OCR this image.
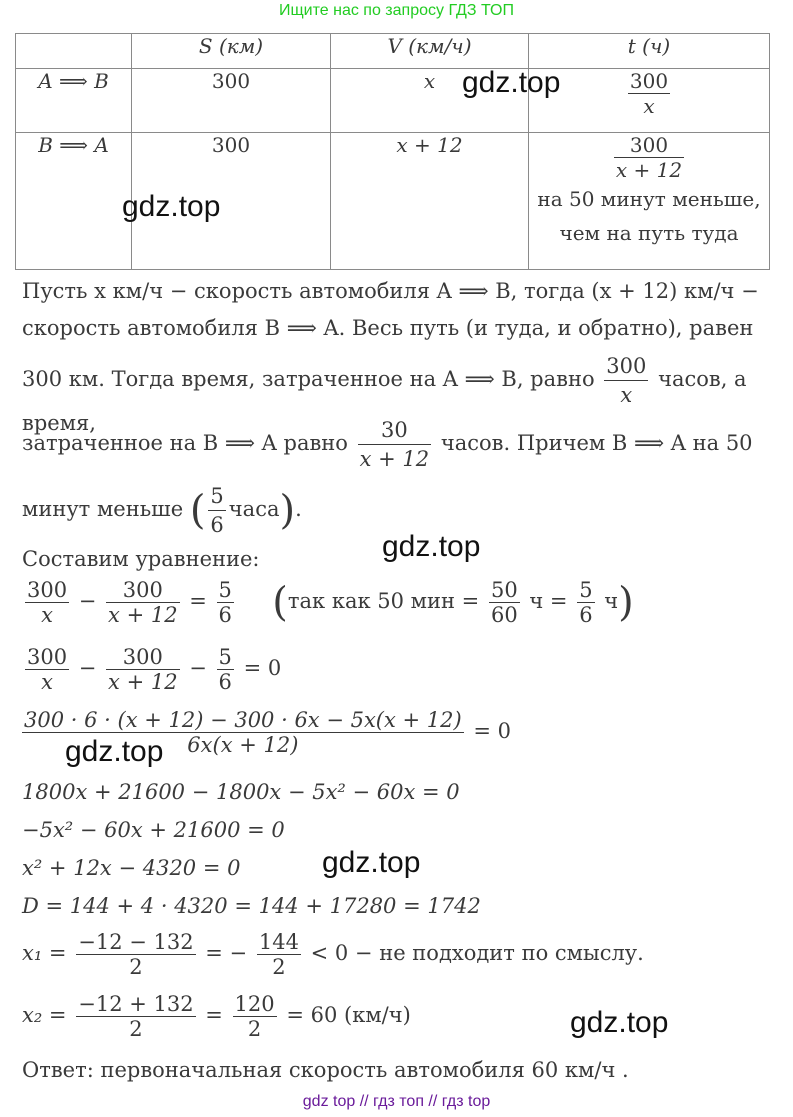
Ищите нас по запросу ГДЗ ТОП
	S (км)	V (км/ч)	t (ч)
A ⟹ B	300	x	$\frac{300}{x}$

B ⟹ A	300	x + 12	$\frac{300}{x + 12}$

на 50 минут меньше,
чем на путь туда
Пусть x км/ч − скорость автомобиля A ⟹ B, тогда (x + 12) км/ч −
скорость автомобиля B ⟹ A. Весь путь (и туда, и обратно), равен
300 км. Тогда время, затраченное на A ⟹ B, равно $\frac{300}{x}$ часов, а время,
затраченное на B ⟹ A равно $\frac{30}{x + 12}$ часов. Причем B ⟹ A на 50
минут меньше ( $\frac{5}{6}$ часа).
Составим уравнение:
$\frac{300}{x} - \frac{300}{x + 12} = \frac{5}{6} (так$ как 50 мин = $\frac{50}{60}$ $ч = \frac{5}{6} ч$)
$\frac{300}{x} - \frac{300}{x + 12} - \frac{5}{6} = 0$
$\frac{300 \cdot 6 \cdot (x + 12) - 300 \cdot 6x - 5x(x + 12)}{6x(x + 12)} = 0$
1800x + 21600 − 1800x − 5x² − 60x = 0
−5x² − 60x + 21600 = 0
x² + 12x − 4320 = 0
D = 144 + 4 · 4320 = 144 + 17280 = 1742
$x_1 = \frac{-12 - 132}{2}$ = − $\frac{144}{2} < 0$ − не подходит по смыслу.
$x_2 = \frac{-12 + 132}{2} = \frac{120}{2} = 60$ (км/ч)
Ответ: первоначальная скорость автомобиля 60 км/ч .
gdz.top
gdz.top
gdz.top
gdz.top
gdz.top
gdz.top
gdz top // гдз топ // гдз top
